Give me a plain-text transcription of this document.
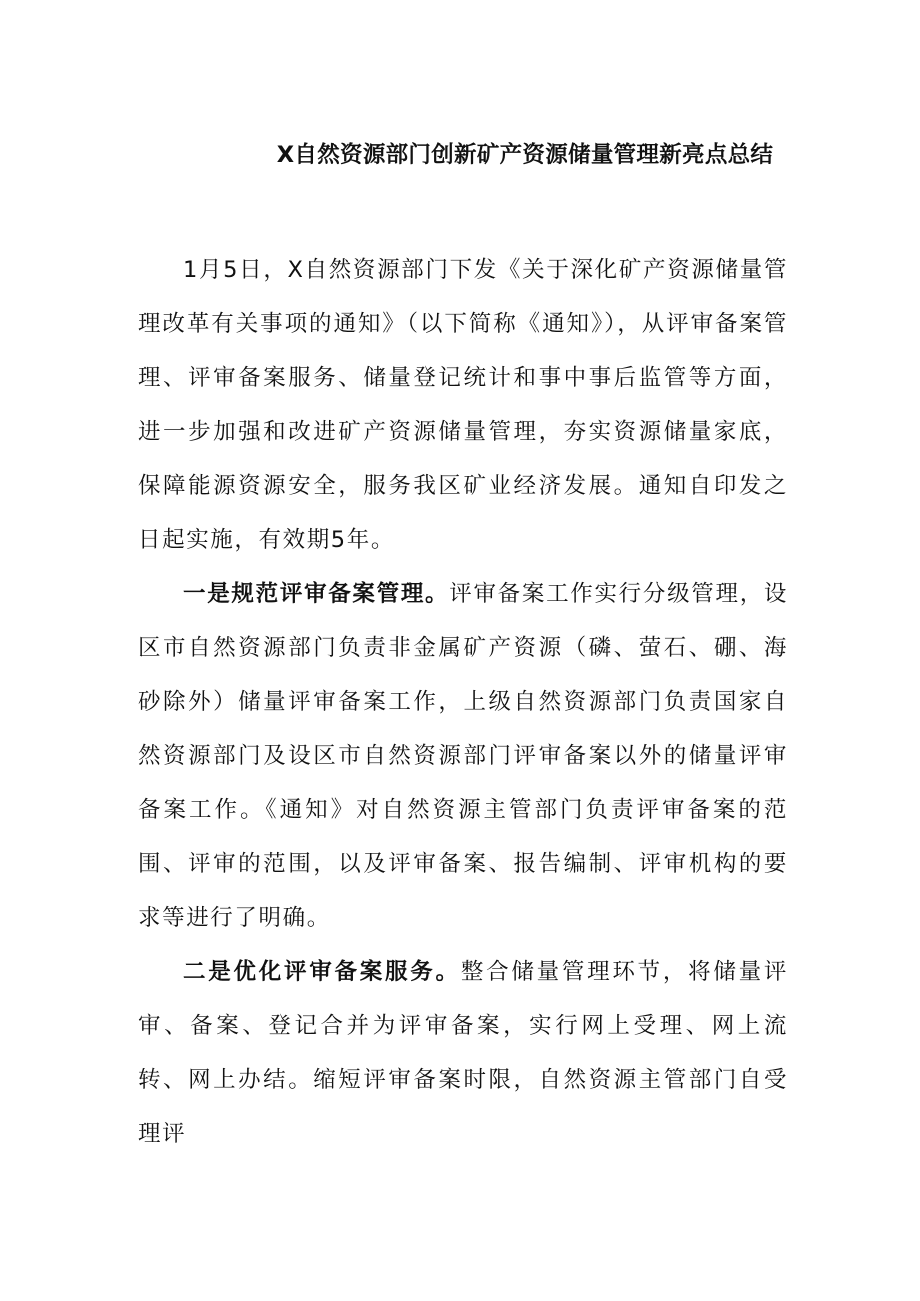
X自然资源部门创新矿产资源储量管理新亮点总结

1月5日，X自然资源部门下发《关于深化矿产资源储量管理改革有关事项的通知》（以下简称《通知》），从评审备案管理、评审备案服务、储量登记统计和事中事后监管等方面，进一步加强和改进矿产资源储量管理，夯实资源储量家底，保障能源资源安全，服务我区矿业经济发展。通知自印发之日起实施，有效期5年。

一是规范评审备案管理。评审备案工作实行分级管理，设区市自然资源部门负责非金属矿产资源（磷、萤石、硼、海砂除外）储量评审备案工作，上级自然资源部门负责国家自然资源部门及设区市自然资源部门评审备案以外的储量评审备案工作。《通知》对自然资源主管部门负责评审备案的范围、评审的范围，以及评审备案、报告编制、评审机构的要求等进行了明确。

二是优化评审备案服务。整合储量管理环节，将储量评审、备案、登记合并为评审备案，实行网上受理、网上流转、网上办结。缩短评审备案时限，自然资源主管部门自受理评
